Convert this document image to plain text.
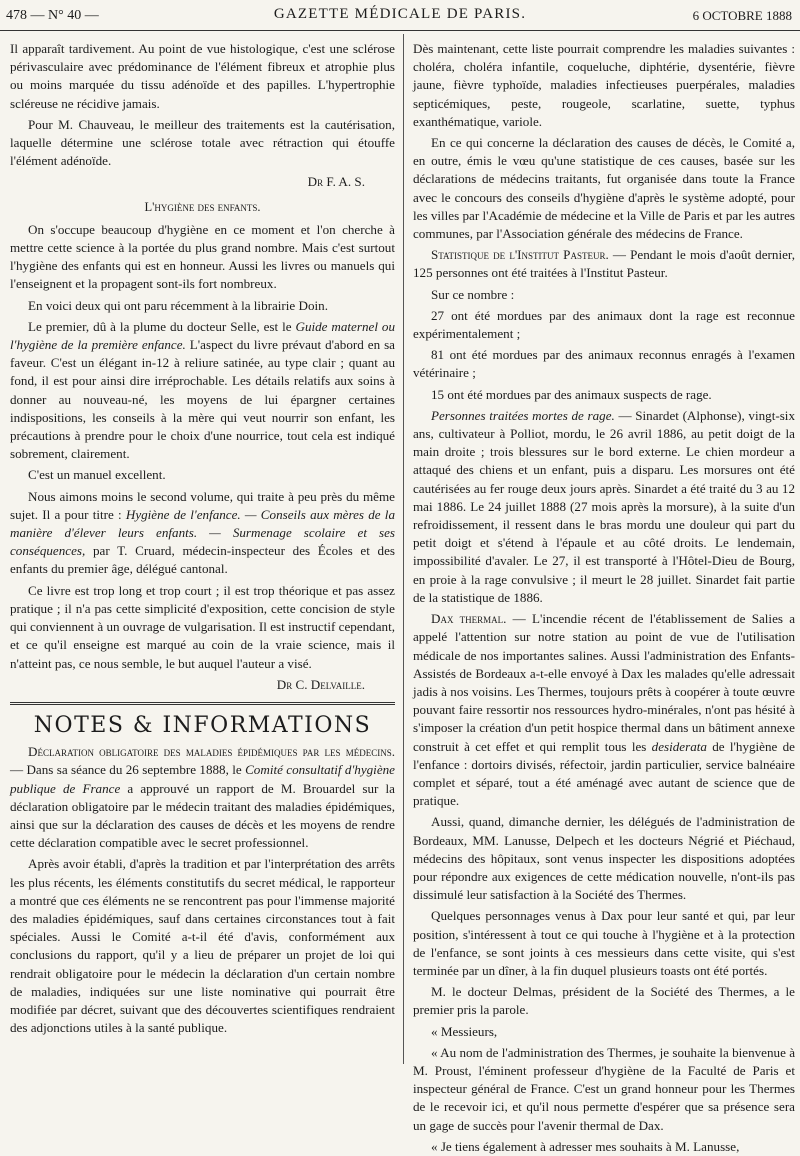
478 — N° 40 —	GAZETTE MÉDICALE DE PARIS.	6 OCTOBRE 1888

Il apparaît tardivement. Au point de vue histologique, c'est une sclérose périvasculaire avec prédominance de l'élément fibreux et atrophie plus ou moins marquée du tissu adénoïde et des papilles. L'hypertrophie scléreuse ne récidive jamais.

Pour M. Chauveau, le meilleur des traitements est la cautérisation, laquelle détermine une sclérose totale avec rétraction qui étouffe l'élément adénoïde.

Dr F. A. S.

L'hygiène des enfants.

On s'occupe beaucoup d'hygiène en ce moment et l'on cherche à mettre cette science à la portée du plus grand nombre. Mais c'est surtout l'hygiène des enfants qui est en honneur. Aussi les livres ou manuels qui l'enseignent et la propagent sont-ils fort nombreux.

En voici deux qui ont paru récemment à la librairie Doin.

Le premier, dû à la plume du docteur Selle, est le Guide maternel ou l'hygiène de la première enfance. L'aspect du livre prévaut d'abord en sa faveur. C'est un élégant in-12 à reliure satinée, au type clair ; quant au fond, il est pour ainsi dire irréprochable. Les détails relatifs aux soins à donner au nouveau-né, les moyens de lui épargner certaines indispositions, les conseils à la mère qui veut nourrir son enfant, les précautions à prendre pour le choix d'une nourrice, tout cela est indiqué sobrement, clairement.

C'est un manuel excellent.

Nous aimons moins le second volume, qui traite à peu près du même sujet. Il a pour titre : Hygiène de l'enfance. — Conseils aux mères de la manière d'élever leurs enfants. — Surmenage scolaire et ses conséquences, par T. Cruard, médecin-inspecteur des Écoles et des enfants du premier âge, délégué cantonal.

Ce livre est trop long et trop court ; il est trop théorique et pas assez pratique ; il n'a pas cette simplicité d'exposition, cette concision de style qui conviennent à un ouvrage de vulgarisation. Il est instructif cependant, et ce qu'il enseigne est marqué au coin de la vraie science, mais il n'atteint pas, ce nous semble, le but auquel l'auteur a visé.

Dr C. Delvaille.

NOTES & INFORMATIONS

Déclaration obligatoire des maladies épidémiques par les médecins. — Dans sa séance du 26 septembre 1888, le Comité consultatif d'hygiène publique de France a approuvé un rapport de M. Brouardel sur la déclaration obligatoire par le médecin traitant des maladies épidémiques, ainsi que sur la déclaration des causes de décès et les moyens de rendre cette déclaration compatible avec le secret professionnel.

Après avoir établi, d'après la tradition et par l'interprétation des arrêts les plus récents, les éléments constitutifs du secret médical, le rapporteur a montré que ces éléments ne se rencontrent pas pour l'immense majorité des maladies épidémiques, sauf dans certaines circonstances tout à fait spéciales. Aussi le Comité a-t-il été d'avis, conformément aux conclusions du rapport, qu'il y a lieu de préparer un projet de loi qui rendrait obligatoire pour le médecin la déclaration d'un certain nombre de maladies, indiquées sur une liste nominative qui pourrait être modifiée par décret, suivant que des découvertes scientifiques rendraient des adjonctions utiles à la santé publique.

Dès maintenant, cette liste pourrait comprendre les maladies suivantes : choléra, choléra infantile, coqueluche, diphtérie, dysentérie, fièvre jaune, fièvre typhoïde, maladies infectieuses puerpérales, maladies septicémiques, peste, rougeole, scarlatine, suette, typhus exanthématique, variole.

En ce qui concerne la déclaration des causes de décès, le Comité a, en outre, émis le vœu qu'une statistique de ces causes, basée sur les déclarations de médecins traitants, fut organisée dans toute la France avec le concours des conseils d'hygiène d'après le système adopté, pour les villes par l'Académie de médecine et la Ville de Paris et par les autres communes, par l'Association générale des médecins de France.

Statistique de l'Institut Pasteur. — Pendant le mois d'août dernier, 125 personnes ont été traitées à l'Institut Pasteur.

Sur ce nombre :

27 ont été mordues par des animaux dont la rage est reconnue expérimentalement ;

81 ont été mordues par des animaux reconnus enragés à l'examen vétérinaire ;

15 ont été mordues par des animaux suspects de rage.

Personnes traitées mortes de rage. — Sinardet (Alphonse), vingt-six ans, cultivateur à Polliot, mordu, le 26 avril 1886, au petit doigt de la main droite ; trois blessures sur le bord externe. Le chien mordeur a attaqué des chiens et un enfant, puis a disparu. Les morsures ont été cautérisées au fer rouge deux jours après. Sinardet a été traité du 3 au 12 mai 1886. Le 24 juillet 1888 (27 mois après la morsure), à la suite d'un refroidissement, il ressent dans le bras mordu une douleur qui part du petit doigt et s'étend à l'épaule et au côté droits. Le lendemain, impossibilité d'avaler. Le 27, il est transporté à l'Hôtel-Dieu de Bourg, en proie à la rage convulsive ; il meurt le 28 juillet. Sinardet fait partie de la statistique de 1886.

Dax thermal. — L'incendie récent de l'établissement de Salies a appelé l'attention sur notre station au point de vue de l'utilisation médicale de nos importantes salines. Aussi l'administration des Enfants-Assistés de Bordeaux a-t-elle envoyé à Dax les malades qu'elle adressait jadis à nos voisins. Les Thermes, toujours prêts à coopérer à toute œuvre pouvant faire ressortir nos ressources hydro-minérales, n'ont pas hésité à s'imposer la création d'un petit hospice thermal dans un bâtiment annexe construit à cet effet et qui remplit tous les desiderata de l'hygiène de l'enfance : dortoirs divisés, réfectoir, jardin particulier, service balnéaire complet et séparé, tout a été aménagé avec autant de science que de pratique.

Aussi, quand, dimanche dernier, les délégués de l'administration de Bordeaux, MM. Lanusse, Delpech et les docteurs Négrié et Piéchaud, médecins des hôpitaux, sont venus inspecter les dispositions adoptées pour répondre aux exigences de cette médication nouvelle, n'ont-ils pas dissimulé leur satisfaction à la Société des Thermes.

Quelques personnages venus à Dax pour leur santé et qui, par leur position, s'intéressent à tout ce qui touche à l'hygiène et à la protection de l'enfance, se sont joints à ces messieurs dans cette visite, qui s'est terminée par un dîner, à la fin duquel plusieurs toasts ont été portés.

M. le docteur Delmas, président de la Société des Thermes, a le premier pris la parole.

« Messieurs,

« Au nom de l'administration des Thermes, je souhaite la bienvenue à M. Proust, l'éminent professeur d'hygiène de la Faculté de Paris et inspecteur général de France. C'est un grand honneur pour les Thermes de le recevoir ici, et qu'il nous permette d'espérer que sa présence sera un gage de succès pour l'avenir thermal de Dax.

« Je tiens également à adresser mes souhaits à M. Lanusse,
